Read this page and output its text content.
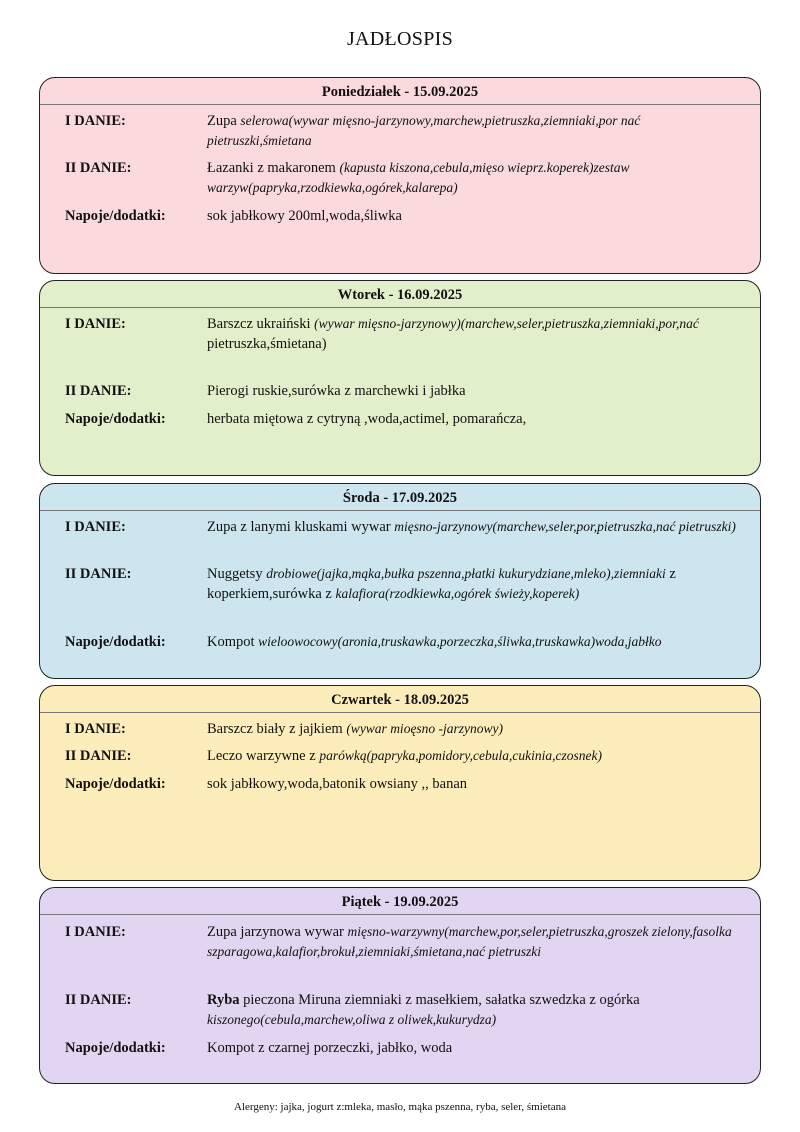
JADŁOSPIS
Poniedziałek - 15.09.2025
I DANIE:	Zupa selerowa(wywar mięsno-jarzynowy,marchew,pietruszka,ziemniaki,por nać pietruszki,śmietana
II DANIE:	Łazanki z makaronem (kapusta kiszona,cebula,mięso wieprz.koperek)zestaw warzyw(papryka,rzodkiewka,ogórek,kalarepa)
Napoje/dodatki:	sok jabłkowy 200ml,woda,śliwka
Wtorek - 16.09.2025
I DANIE:	Barszcz ukraiński (wywar mięsno-jarzynowy)(marchew,seler,pietruszka,ziemniaki,por,nać pietruszka,śmietana)
II DANIE:	Pierogi ruskie,surówka z marchewki i jabłka
Napoje/dodatki:	herbata miętowa z cytryną ,woda,actimel, pomarańcza,
Środa - 17.09.2025
I DANIE:	Zupa z lanymi kluskami wywar mięsno-jarzynowy(marchew,seler,por,pietruszka,nać pietruszki)
II DANIE:	Nuggetsy drobiowe(jajka,mąka,bułka pszenna,płatki kukurydziane,mleko),ziemniaki z koperkiem,surówka z kalafiora(rzodkiewka,ogórek świeży,koperek)
Napoje/dodatki:	Kompot wieloowocowy(aronia,truskawka,porzeczka,śliwka,truskawka)woda,jabłko
Czwartek - 18.09.2025
I DANIE:	Barszcz biały z jajkiem (wywar mioęsno -jarzynowy)
II DANIE:	Leczo warzywne z parówką(papryka,pomidory,cebula,cukinia,czosnek)
Napoje/dodatki:	sok jabłkowy,woda,batonik owsiany ,, banan
Piątek - 19.09.2025
I DANIE:	Zupa jarzynowa wywar mięsno-warzywny(marchew,por,seler,pietruszka,groszek zielony,fasolka szparagowa,kalafior,brokuł,ziemniaki,śmietana,nać pietruszki
II DANIE:	Ryba pieczona Miruna ziemniaki z masełkiem, sałatka szwedzka z ogórka kiszonego(cebula,marchew,oliwa z oliwek,kukurydza)
Napoje/dodatki:	Kompot z czarnej porzeczki, jabłko, woda
Alergeny: jajka, jogurt z:mleka, masło, mąka pszenna, ryba, seler, śmietana
